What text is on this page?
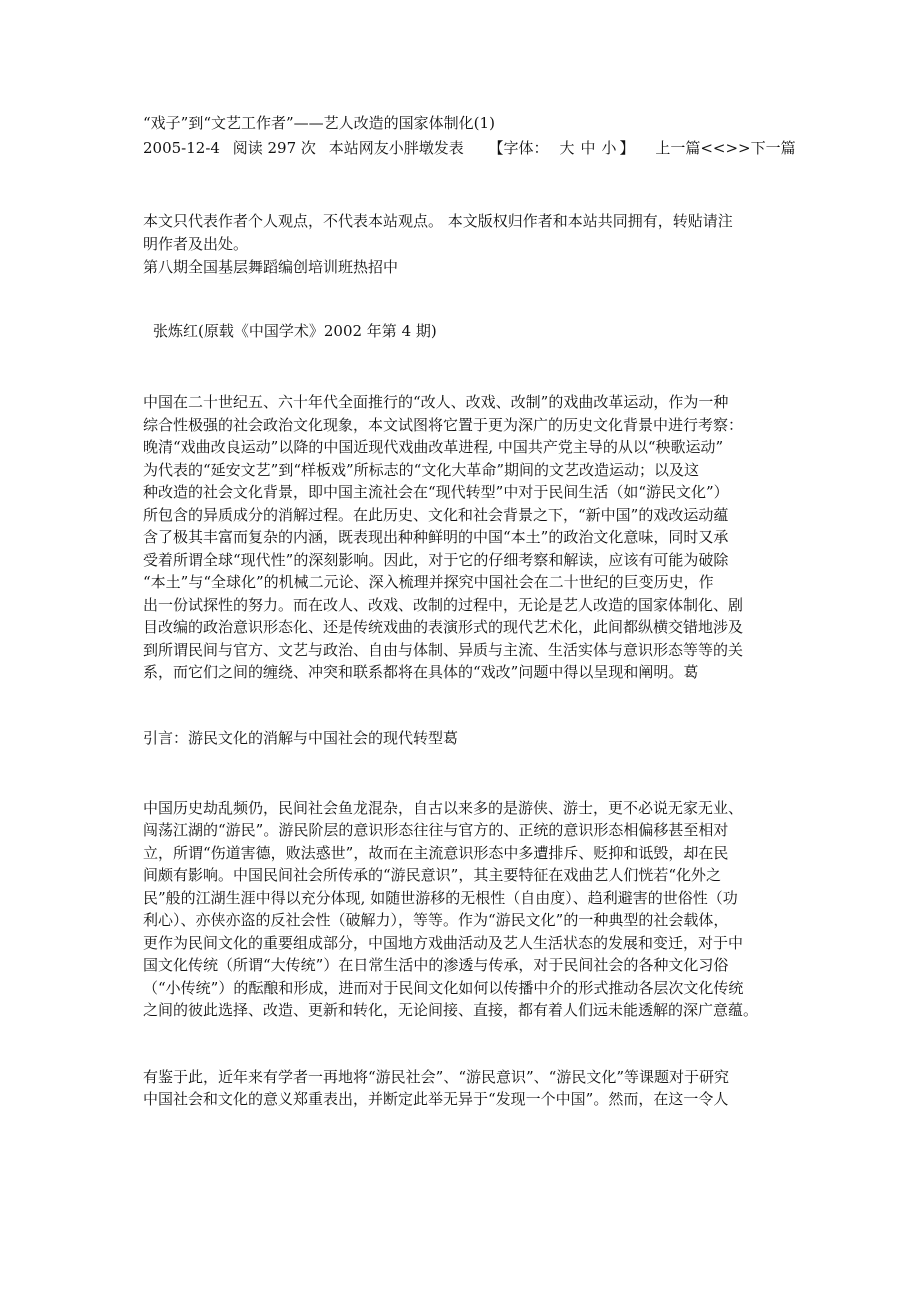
“戏子”到“文艺工作者”——艺人改造的国家体制化(1)
2005-12-4 阅读 297 次 本站网友小胖墩发表 【字体： 大 中 小 】 上一篇<<>>下一篇
本文只代表作者个人观点，不代表本站观点。 本文版权归作者和本站共同拥有，转贴请注
明作者及出处。
第八期全国基层舞蹈编创培训班热招中
张炼红(原载《中国学术》2002 年第 4 期)
中国在二十世纪五、六十年代全面推行的“改人、改戏、改制”的戏曲改革运动，作为一种
综合性极强的社会政治文化现象，本文试图将它置于更为深广的历史文化背景中进行考察：
晚清“戏曲改良运动”以降的中国近现代戏曲改革进程, 中国共产党主导的从以“秧歌运动”
为代表的“延安文艺”到“样板戏”所标志的“文化大革命”期间的文艺改造运动；以及这
种改造的社会文化背景，即中国主流社会在“现代转型”中对于民间生活（如“游民文化”）
所包含的异质成分的消解过程。在此历史、文化和社会背景之下，“新中国”的戏改运动蕴
含了极其丰富而复杂的内涵，既表现出种种鲜明的中国“本土”的政治文化意味，同时又承
受着所谓全球“现代性”的深刻影响。因此，对于它的仔细考察和解读，应该有可能为破除
“本土”与“全球化”的机械二元论、深入梳理并探究中国社会在二十世纪的巨变历史，作
出一份试探性的努力。而在改人、改戏、改制的过程中，无论是艺人改造的国家体制化、剧
目改编的政治意识形态化、还是传统戏曲的表演形式的现代艺术化，此间都纵横交错地涉及
到所谓民间与官方、文艺与政治、自由与体制、异质与主流、生活实体与意识形态等等的关
系，而它们之间的缠绕、冲突和联系都将在具体的“戏改”问题中得以呈现和阐明。葛
引言：游民文化的消解与中国社会的现代转型葛
中国历史劫乱频仍，民间社会鱼龙混杂，自古以来多的是游侠、游士，更不必说无家无业、
闯荡江湖的“游民”。游民阶层的意识形态往往与官方的、正统的意识形态相偏移甚至相对
立，所谓“伤道害德，败法惑世”，故而在主流意识形态中多遭排斥、贬抑和诋毁，却在民
间颇有影响。中国民间社会所传承的“游民意识”，其主要特征在戏曲艺人们恍若“化外之
民”般的江湖生涯中得以充分体现, 如随世游移的无根性（自由度）、趋利避害的世俗性（功
利心）、亦侠亦盗的反社会性（破解力），等等。作为“游民文化”的一种典型的社会载体，
更作为民间文化的重要组成部分，中国地方戏曲活动及艺人生活状态的发展和变迁，对于中
国文化传统（所谓“大传统”）在日常生活中的渗透与传承，对于民间社会的各种文化习俗
（“小传统”）的酝酿和形成，进而对于民间文化如何以传播中介的形式推动各层次文化传统
之间的彼此选择、改造、更新和转化，无论间接、直接，都有着人们远未能透解的深广意蕴。
有鉴于此，近年来有学者一再地将“游民社会”、“游民意识”、“游民文化”等课题对于研究
中国社会和文化的意义郑重表出，并断定此举无异于“发现一个中国”。然而，在这一令人
